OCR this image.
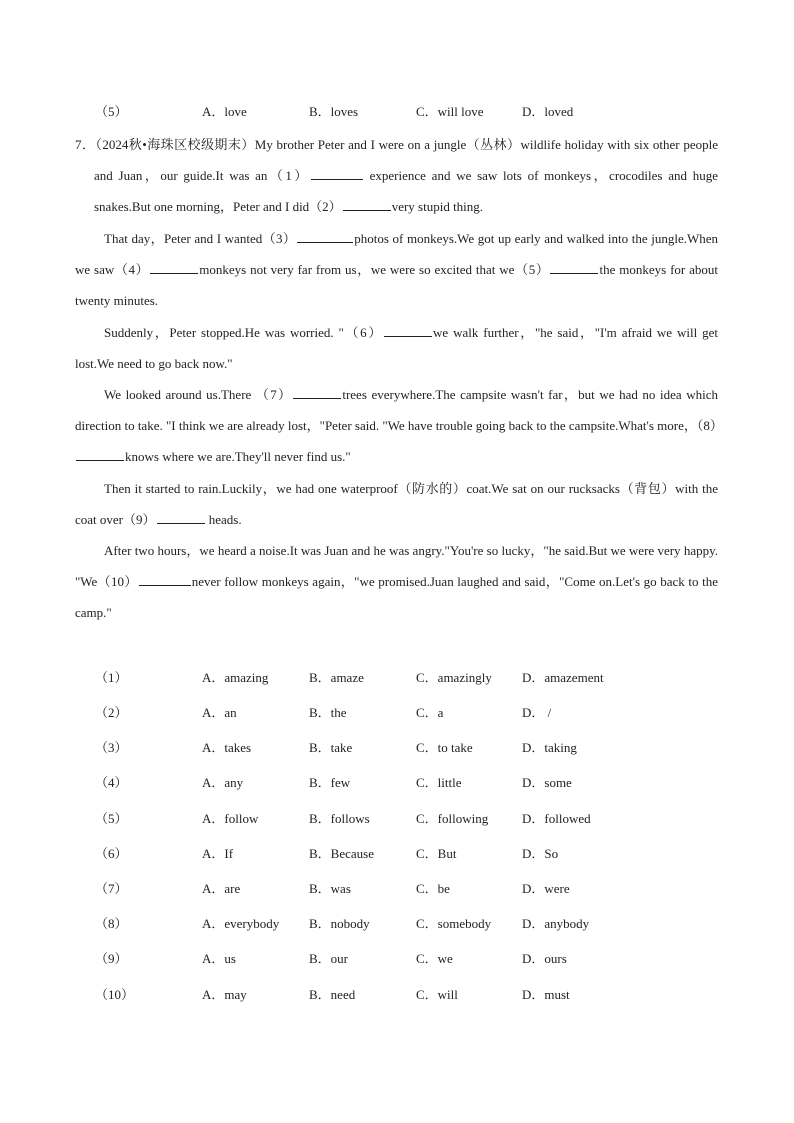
（5）	A．love	B．loves	C．will love	D．loved

7．（2024秋•海珠区校级期末）My brother Peter and I were on a jungle（丛林）wildlife holiday with six other people and Juan，our guide.It was an（1）	experience and we saw lots of monkeys，crocodiles and huge snakes.But one morning，Peter and I did（2）	very stupid thing.

That day，Peter and I wanted（3）	photos of monkeys.We got up early and walked into the jungle.When we saw（4）	monkeys not very far from us，we were so excited that we（5）	the monkeys for about twenty minutes.

Suddenly，Peter stopped.He was worried. "（6）	we walk further，"he said，"I'm afraid we will get lost.We need to go back now."

We looked around us.There （7）	trees everywhere.The campsite wasn't far，but we had no idea which direction to take. "I think we are already lost，"Peter said. "We have trouble going back to the campsite.What's more，（8）knows where we are.They'll never find us."

Then it started to rain.Luckily，we had one waterproof（防水的）coat.We sat on our rucksacks（背包）with the coat over（9）	heads.

After two hours，we heard a noise.It was Juan and he was angry."You're so lucky，"he said.But we were very happy. "We（10）	never follow monkeys again，"we promised.Juan laughed and said，"Come on.Let's go back to the camp."

（1）	A．amazing	B．amaze	C．amazingly D．amazement
（2）	A．an	B．the	C．a	D． /
（3）	A．takes	B．take	C．to take	D．taking
（4）	A．any	B．few	C．little	D．some
（5）	A．follow	B．follows	C．following	D．followed
（6）	A．If	B．Because	C．But	D．So
（7）	A．are	B．was	C．be	D．were
（8）	A．everybody B．nobody	C．somebody D．anybody
（9）	A．us	B．our	C．we	D．ours
（10）	A．may	B．need	C．will	D．must
